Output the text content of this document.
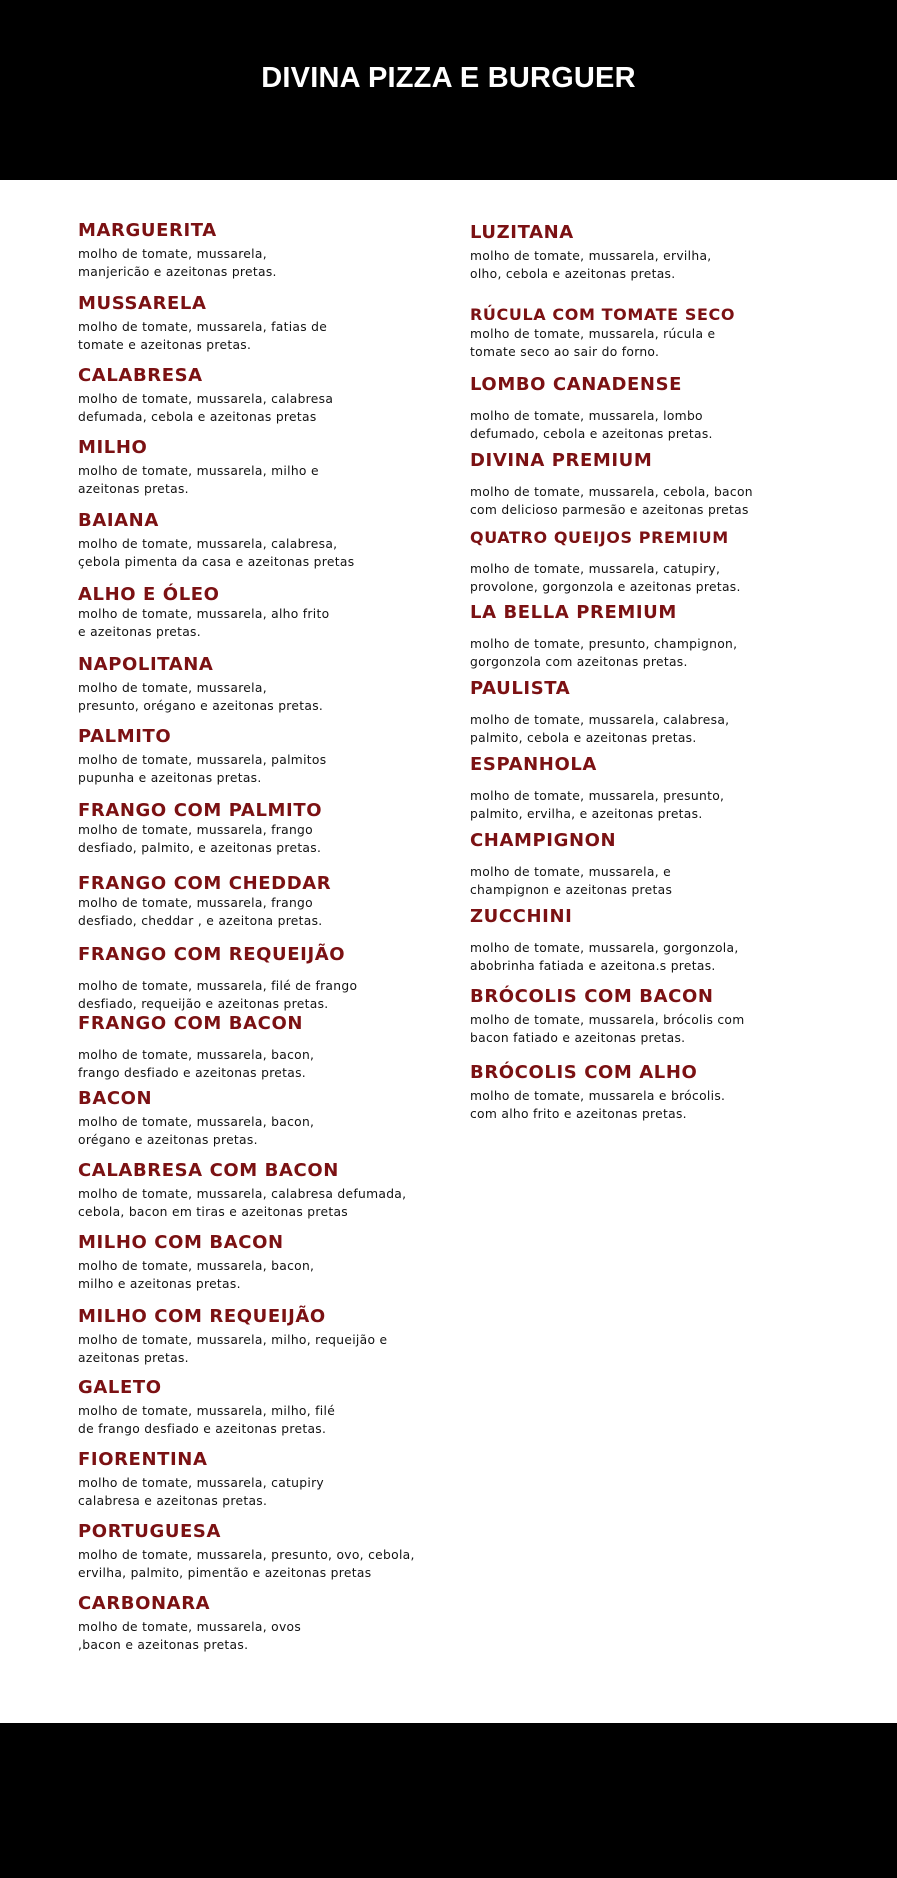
DIVINA PIZZA E BURGUER
MARGUERITA
molho de tomate, mussarela,
manjericão e azeitonas pretas.
MUSSARELA
molho de tomate, mussarela, fatias de
tomate e azeitonas pretas.
CALABRESA
molho de tomate, mussarela, calabresa
defumada, cebola e azeitonas pretas
MILHO
molho de tomate, mussarela, milho e
azeitonas pretas.
BAIANA
molho de tomate, mussarela, calabresa,
çebola pimenta da casa e azeitonas pretas
ALHO E ÓLEO
molho de tomate, mussarela, alho frito
e azeitonas pretas.
NAPOLITANA
molho de tomate, mussarela,
presunto, orégano e azeitonas pretas.
PALMITO
molho de tomate, mussarela, palmitos
pupunha e azeitonas pretas.
FRANGO COM PALMITO
molho de tomate, mussarela, frango
desfiado, palmito, e azeitonas pretas.
FRANGO COM CHEDDAR
molho de tomate, mussarela, frango
desfiado, cheddar , e azeitona pretas.
FRANGO COM REQUEIJÃO
molho de tomate, mussarela, filé de frango
desfiado, requeijão e azeitonas pretas.
FRANGO COM BACON
molho de tomate, mussarela, bacon,
frango desfiado e azeitonas pretas.
BACON
molho de tomate, mussarela, bacon,
orégano e azeitonas pretas.
CALABRESA COM BACON
molho de tomate, mussarela, calabresa defumada,
cebola, bacon em tiras e azeitonas pretas
MILHO COM BACON
molho de tomate, mussarela, bacon,
milho e azeitonas pretas.
MILHO COM REQUEIJÃO
molho de tomate, mussarela, milho, requeijão e
azeitonas pretas.
GALETO
molho de tomate, mussarela, milho, filé
de frango desfiado e azeitonas pretas.
FIORENTINA
molho de tomate, mussarela, catupiry
calabresa e azeitonas pretas.
PORTUGUESA
molho de tomate, mussarela, presunto, ovo, cebola,
ervilha, palmito, pimentão e azeitonas pretas
CARBONARA
molho de tomate, mussarela, ovos
,bacon e azeitonas pretas.
LUZITANA
molho de tomate, mussarela, ervilha,
olho, cebola e azeitonas pretas.
RÚCULA COM TOMATE SECO
molho de tomate, mussarela, rúcula e
tomate seco ao sair do forno.
LOMBO CANADENSE
molho de tomate, mussarela, lombo
defumado, cebola e azeitonas pretas.
DIVINA PREMIUM
molho de tomate, mussarela, cebola, bacon
com delicioso parmesão e azeitonas pretas
QUATRO QUEIJOS PREMIUM
molho de tomate, mussarela, catupiry,
provolone, gorgonzola e azeitonas pretas.
LA BELLA PREMIUM
molho de tomate, presunto, champignon,
gorgonzola com azeitonas pretas.
PAULISTA
molho de tomate, mussarela, calabresa,
palmito, cebola e azeitonas pretas.
ESPANHOLA
molho de tomate, mussarela, presunto,
palmito, ervilha, e azeitonas pretas.
CHAMPIGNON
molho de tomate, mussarela, e
champignon e azeitonas pretas
ZUCCHINI
molho de tomate, mussarela, gorgonzola,
abobrinha fatiada e azeitona.s pretas.
BRÓCOLIS COM BACON
molho de tomate, mussarela, brócolis com
bacon fatiado e azeitonas pretas.
BRÓCOLIS COM ALHO
molho de tomate, mussarela e brócolis.
com alho frito e azeitonas pretas.
